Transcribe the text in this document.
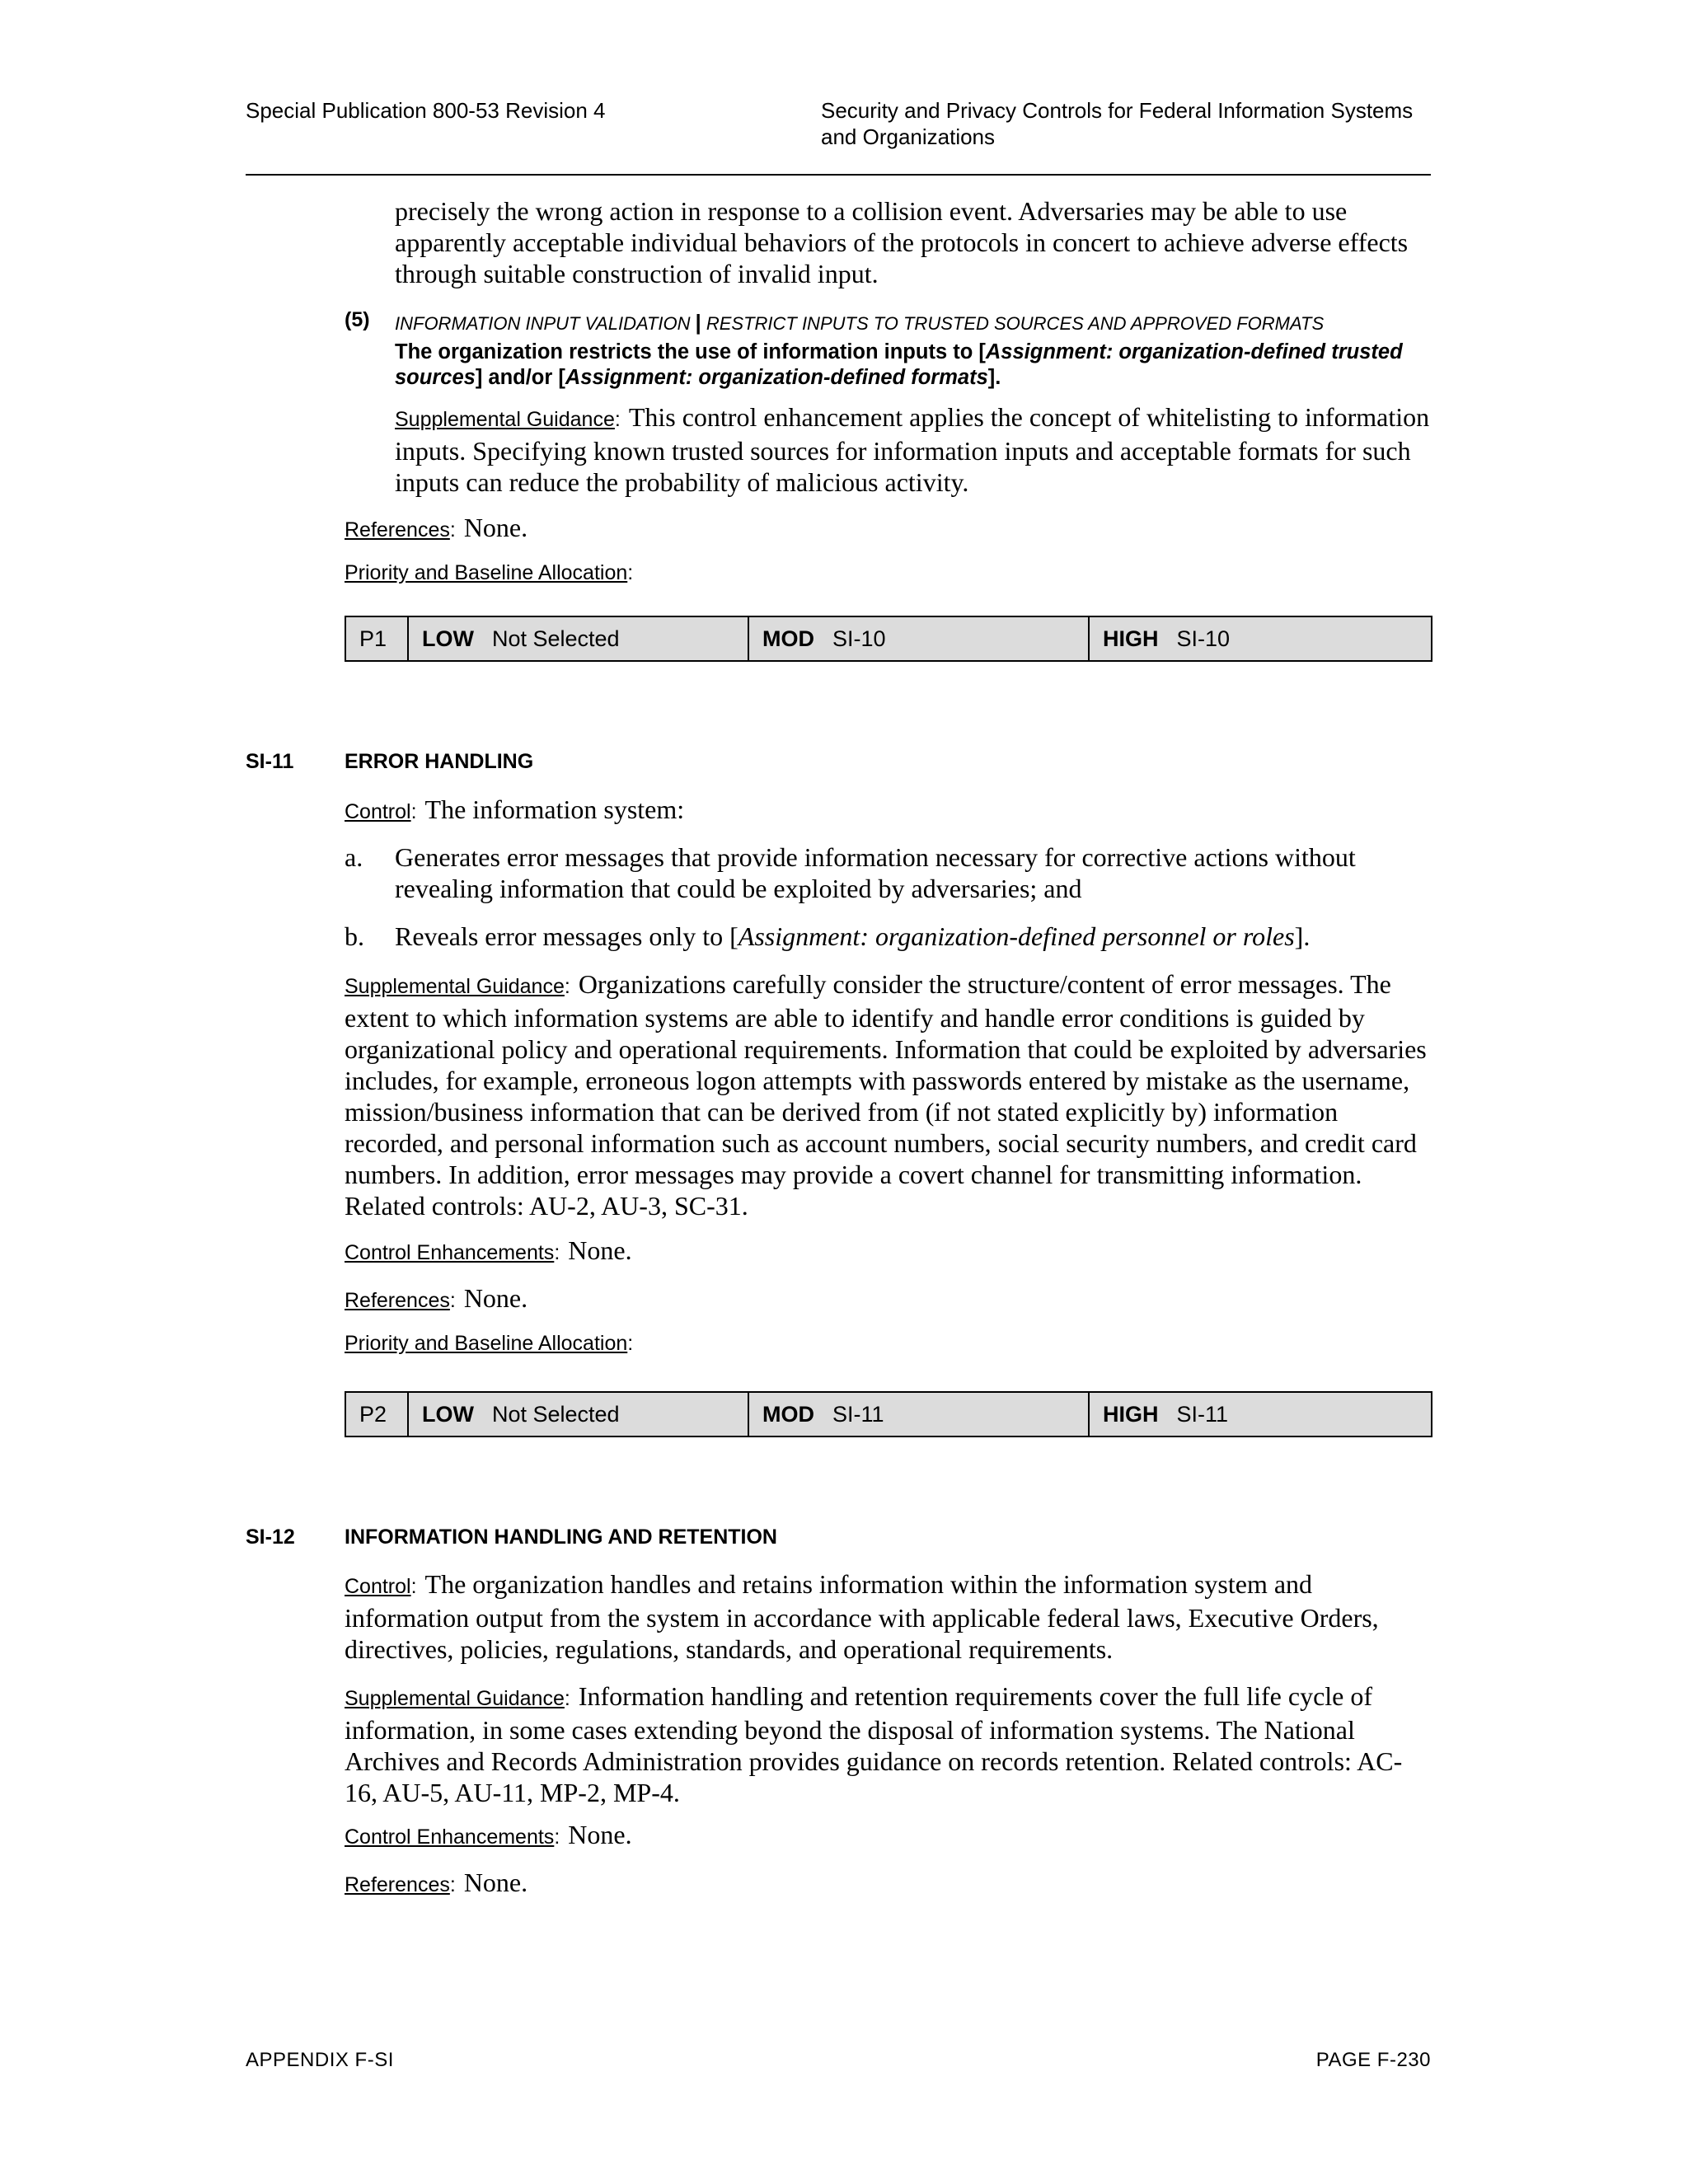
Special Publication 800-53 Revision 4	Security and Privacy Controls for Federal Information Systems
and Organizations
precisely the wrong action in response to a collision event. Adversaries may be able to use apparently acceptable individual behaviors of the protocols in concert to achieve adverse effects through suitable construction of invalid input.
(5) INFORMATION INPUT VALIDATION | RESTRICT INPUTS TO TRUSTED SOURCES AND APPROVED FORMATS
The organization restricts the use of information inputs to [Assignment: organization-defined trusted sources] and/or [Assignment: organization-defined formats].
Supplemental Guidance: This control enhancement applies the concept of whitelisting to information inputs. Specifying known trusted sources for information inputs and acceptable formats for such inputs can reduce the probability of malicious activity.
References: None.
Priority and Baseline Allocation:
P1 LOW Not Selected	MOD SI-10	HIGH SI-10
SI-11 ERROR HANDLING
Control: The information system:
a. Generates error messages that provide information necessary for corrective actions without revealing information that could be exploited by adversaries; and
b. Reveals error messages only to [Assignment: organization-defined personnel or roles].
Supplemental Guidance: Organizations carefully consider the structure/content of error messages. The extent to which information systems are able to identify and handle error conditions is guided by organizational policy and operational requirements. Information that could be exploited by adversaries includes, for example, erroneous logon attempts with passwords entered by mistake as the username, mission/business information that can be derived from (if not stated explicitly by) information recorded, and personal information such as account numbers, social security numbers, and credit card numbers. In addition, error messages may provide a covert channel for transmitting information. Related controls: AU-2, AU-3, SC-31.
Control Enhancements: None.
References: None.
Priority and Baseline Allocation:
P2 LOW Not Selected	MOD SI-11	HIGH SI-11
SI-12 INFORMATION HANDLING AND RETENTION
Control: The organization handles and retains information within the information system and information output from the system in accordance with applicable federal laws, Executive Orders, directives, policies, regulations, standards, and operational requirements.
Supplemental Guidance: Information handling and retention requirements cover the full life cycle of information, in some cases extending beyond the disposal of information systems. The National Archives and Records Administration provides guidance on records retention. Related controls: AC-16, AU-5, AU-11, MP-2, MP-4.
Control Enhancements: None.
References: None.
APPENDIX F-SI	PAGE F-230
